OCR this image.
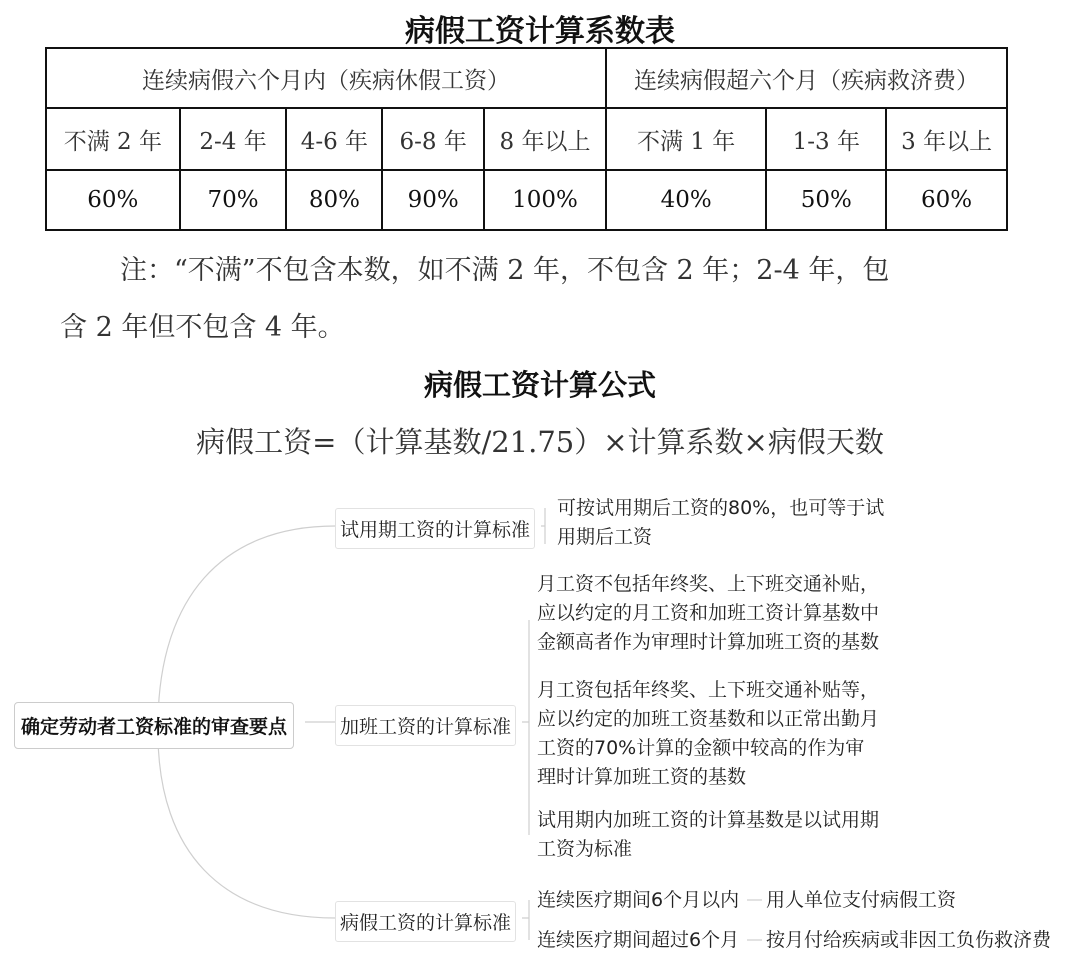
病假工资计算系数表
连续病假六个月内（疾病休假工资）					连续病假超六个月（疾病救济费）		
不满 2 年	2-4 年	4-6 年	6-8 年	8 年以上	不满 1 年	1-3 年	3 年以上
60%	70%	80%	90%	100%	40%	50%	60%
注：“不满”不包含本数，如不满 2 年，不包含 2 年；2-4 年，包
含 2 年但不包含 4 年。
病假工资计算公式
病假工资=（计算基数/21.75）×计算系数×病假天数
确定劳动者工资标准的审查要点
试用期工资的计算标准
加班工资的计算标准
病假工资的计算标准
可按试用期后工资的80%，也可等于试
用期后工资
月工资不包括年终奖、上下班交通补贴，
应以约定的月工资和加班工资计算基数中
金额高者作为审理时计算加班工资的基数
月工资包括年终奖、上下班交通补贴等，
应以约定的加班工资基数和以正常出勤月
工资的70%计算的金额中较高的作为审
理时计算加班工资的基数
试用期内加班工资的计算基数是以试用期
工资为标准
连续医疗期间6个月以内 用人单位支付病假工资
连续医疗期间超过6个月 按月付给疾病或非因工负伤救济费
